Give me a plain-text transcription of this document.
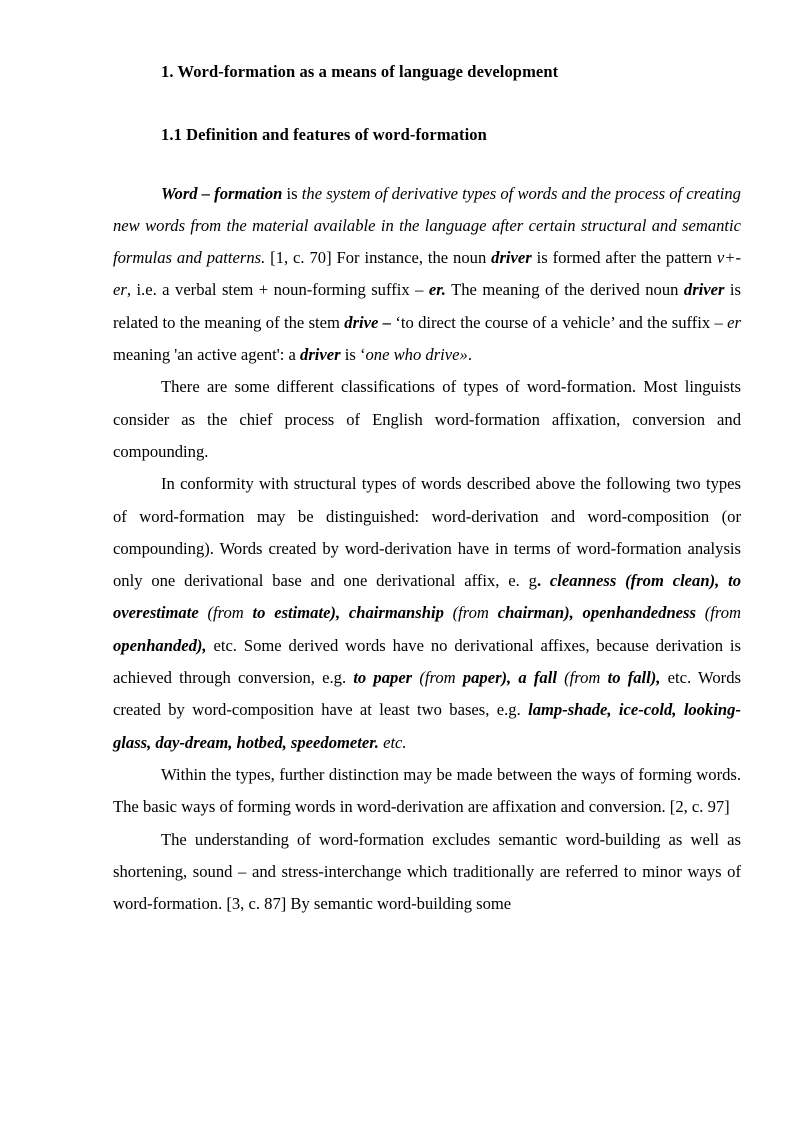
1. Word-formation as a means of language development
1.1 Definition and features of word-formation

Word – formation is the system of derivative types of words and the process of creating new words from the material available in the language after certain structural and semantic formulas and patterns. [1, c. 70] For instance, the noun driver is formed after the pattern v+-er, i.e. a verbal stem + noun-forming suffix – er. The meaning of the derived noun driver is related to the meaning of the stem drive – ‘to direct the course of a vehicle’ and the suffix – er meaning 'an active agent': a driver is ‘one who drive».

There are some different classifications of types of word-formation. Most linguists consider as the chief process of English word-formation affixation, conversion and compounding.

In conformity with structural types of words described above the following two types of word-formation may be distinguished: word-derivation and word-composition (or compounding). Words created by word-derivation have in terms of word-formation analysis only one derivational base and one derivational affix, e. g. cleanness (from clean), to overestimate (from to estimate), chairmanship (from chairman), openhandedness (from openhanded), etc. Some derived words have no derivational affixes, because derivation is achieved through conversion, e.g. to paper (from paper), a fall (from to fall), etc. Words created by word-composition have at least two bases, e.g. lamp-shade, ice-cold, looking-glass, day-dream, hotbed, speedometer. etc.

Within the types, further distinction may be made between the ways of forming words. The basic ways of forming words in word-derivation are affixation and conversion. [2, c. 97]

The understanding of word-formation excludes semantic word-building as well as shortening, sound – and stress-interchange which traditionally are referred to minor ways of word-formation. [3, c. 87] By semantic word-building some
